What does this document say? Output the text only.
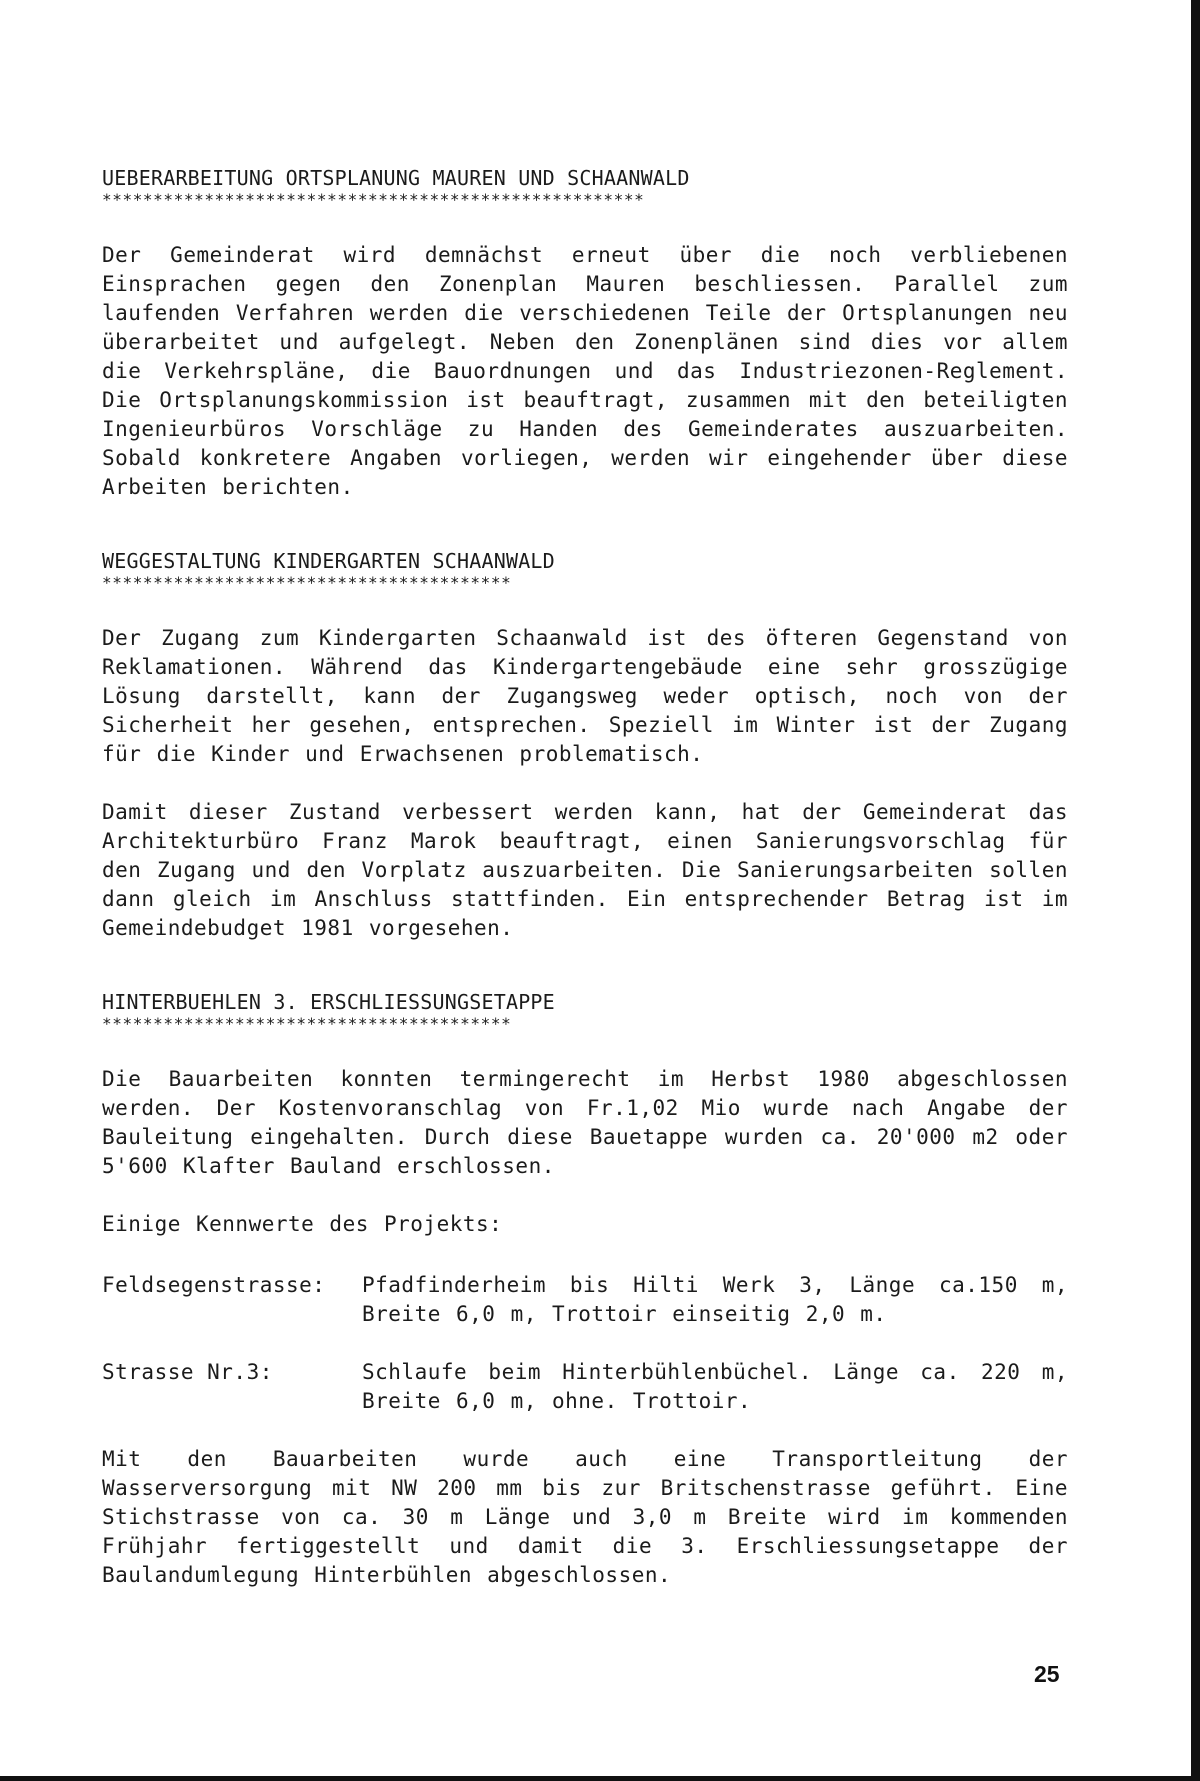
UEBERARBEITUNG ORTSPLANUNG MAUREN UND SCHAANWALD
*****************************************************

Der Gemeinderat wird demnächst erneut über die noch verbliebenen Einsprachen gegen den Zonenplan Mauren beschliessen. Parallel zum laufenden Verfahren werden die verschiedenen Teile der Ortsplanungen neu überarbeitet und aufgelegt. Neben den Zonenplänen sind dies vor allem die Verkehrspläne, die Bauordnungen und das Industriezonen-Reglement. Die Ortsplanungskommission ist beauftragt, zusammen mit den beteiligten Ingenieurbüros Vorschläge zu Handen des Gemeinderates auszuarbeiten. Sobald konkretere Angaben vorliegen, werden wir eingehender über diese Arbeiten berichten.

WEGGESTALTUNG KINDERGARTEN SCHAANWALD
****************************************

Der Zugang zum Kindergarten Schaanwald ist des öfteren Gegenstand von Reklamationen. Während das Kindergartengebäude eine sehr grosszügige Lösung darstellt, kann der Zugangsweg weder optisch, noch von der Sicherheit her gesehen, entsprechen. Speziell im Winter ist der Zugang für die Kinder und Erwachsenen problematisch.

Damit dieser Zustand verbessert werden kann, hat der Gemeinderat das Architekturbüro Franz Marok beauftragt, einen Sanierungsvorschlag für den Zugang und den Vorplatz auszuarbeiten. Die Sanierungsarbeiten sollen dann gleich im Anschluss stattfinden. Ein entsprechender Betrag ist im Gemeindebudget 1981 vorgesehen.

HINTERBUEHLEN 3. ERSCHLIESSUNGSETAPPE
****************************************

Die Bauarbeiten konnten termingerecht im Herbst 1980 abgeschlossen werden. Der Kostenvoranschlag von Fr.1,02 Mio wurde nach Angabe der Bauleitung eingehalten. Durch diese Bauetappe wurden ca. 20'000 m2 oder 5'600 Klafter Bauland erschlossen.

Einige Kennwerte des Projekts:

Feldsegenstrasse:	Pfadfinderheim bis Hilti Werk 3, Länge ca.150 m, Breite 6,0 m, Trottoir einseitig 2,0 m.
Strasse Nr.3:	Schlaufe beim Hinterbühlenbüchel. Länge ca. 220 m, Breite 6,0 m, ohne. Trottoir.

Mit den Bauarbeiten wurde auch eine Transportleitung der Wasserversorgung mit NW 200 mm bis zur Britschenstrasse geführt. Eine Stichstrasse von ca. 30 m Länge und 3,0 m Breite wird im kommenden Frühjahr fertiggestellt und damit die 3. Erschliessungsetappe der Baulandumlegung Hinterbühlen abgeschlossen.

25
